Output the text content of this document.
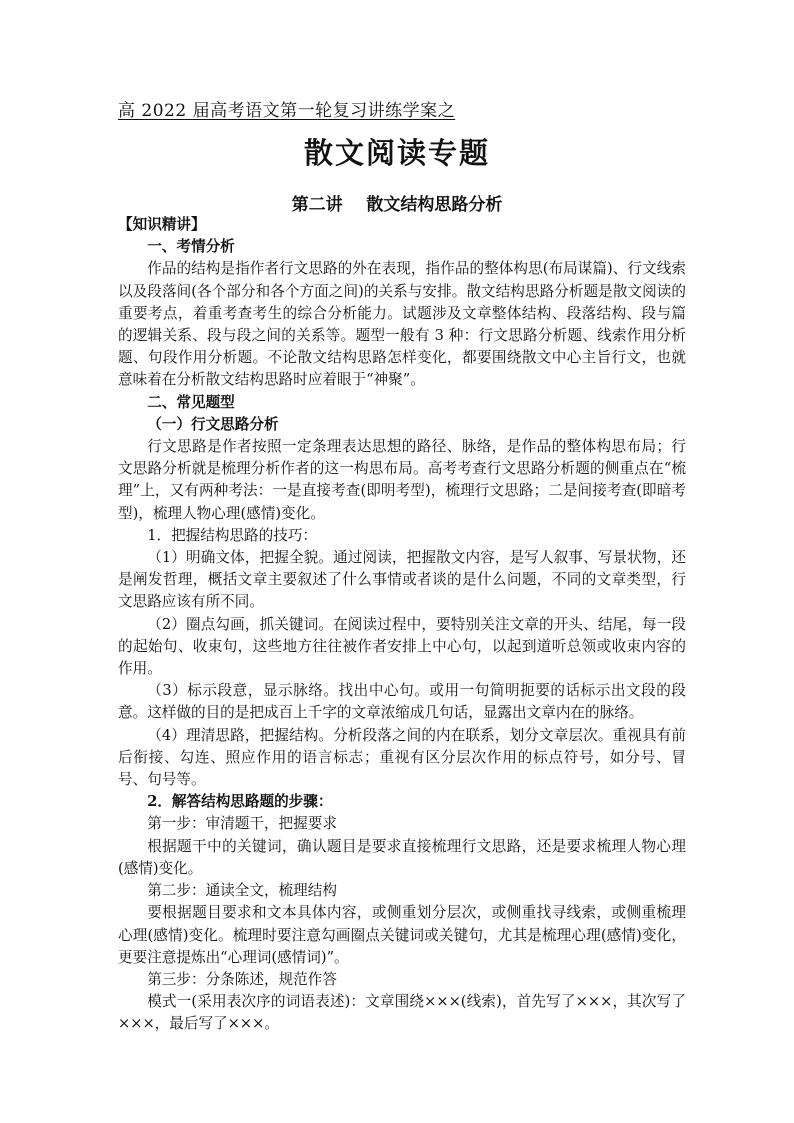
高 2022 届高考语文第一轮复习讲练学案之
散文阅读专题
第二讲    散文结构思路分析

【知识精讲】

一、考情分析

作品的结构是指作者行文思路的外在表现，指作品的整体构思(布局谋篇)、行文线索以及段落间(各个部分和各个方面之间)的关系与安排。散文结构思路分析题是散文阅读的重要考点，着重考查考生的综合分析能力。试题涉及文章整体结构、段落结构、段与篇的逻辑关系、段与段之间的关系等。题型一般有 3 种：行文思路分析题、线索作用分析题、句段作用分析题。不论散文结构思路怎样变化，都要围绕散文中心主旨行文，也就意味着在分析散文结构思路时应着眼于“神聚”。

二、常见题型

（一）行文思路分析

行文思路是作者按照一定条理表达思想的路径、脉络，是作品的整体构思布局；行文思路分析就是梳理分析作者的这一构思布局。高考考查行文思路分析题的侧重点在“梳理”上，又有两种考法：一是直接考查(即明考型)，梳理行文思路；二是间接考查(即暗考型)，梳理人物心理(感情)变化。

1．把握结构思路的技巧：

（1）明确文体，把握全貌。通过阅读，把握散文内容，是写人叙事、写景状物，还是阐发哲理，概括文章主要叙述了什么事情或者谈的是什么问题，不同的文章类型，行文思路应该有所不同。

（2）圈点勾画，抓关键词。在阅读过程中，要特别关注文章的开头、结尾，每一段的起始句、收束句，这些地方往往被作者安排上中心句，以起到道听总领或收束内容的作用。

（3）标示段意，显示脉络。找出中心句。或用一句简明扼要的话标示出文段的段意。这样做的目的是把成百上千字的文章浓缩成几句话，显露出文章内在的脉络。

（4）理清思路，把握结构。分析段落之间的内在联系，划分文章层次。重视具有前后衔接、勾连、照应作用的语言标志；重视有区分层次作用的标点符号，如分号、冒号、句号等。

2．解答结构思路题的步骤：

第一步：审清题干，把握要求

根据题干中的关键词，确认题目是要求直接梳理行文思路，还是要求梳理人物心理(感情)变化。

第二步：通读全文，梳理结构

要根据题目要求和文本具体内容，或侧重划分层次，或侧重找寻线索，或侧重梳理心理(感情)变化。梳理时要注意勾画圈点关键词或关键句，尤其是梳理心理(感情)变化，更要注意提炼出“心理词(感情词)”。

第三步：分条陈述，规范作答

模式一(采用表次序的词语表述)：文章围绕×××(线索)，首先写了×××，其次写了×××，最后写了×××。
